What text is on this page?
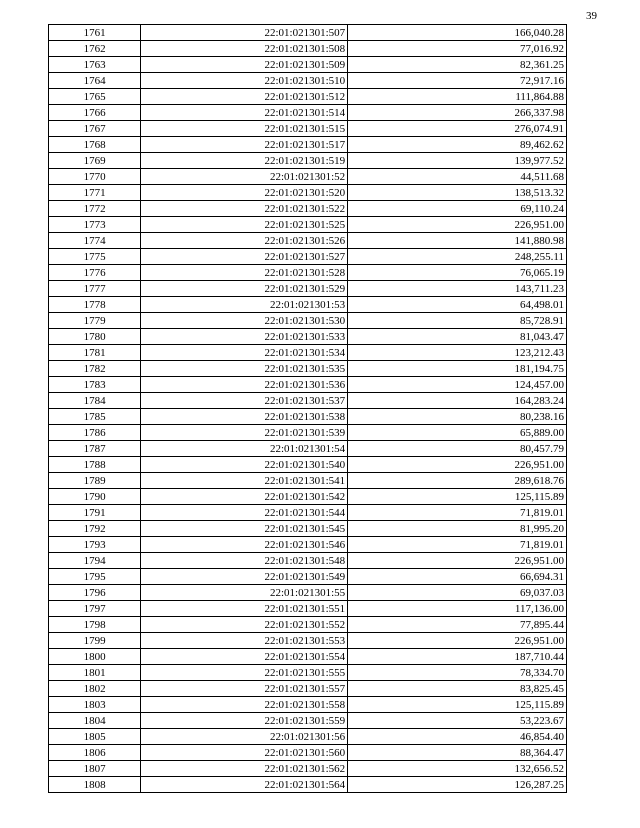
39
1761	22:01:021301:507	166,040.28
1762	22:01:021301:508	77,016.92
1763	22:01:021301:509	82,361.25
1764	22:01:021301:510	72,917.16
1765	22:01:021301:512	111,864.88
1766	22:01:021301:514	266,337.98
1767	22:01:021301:515	276,074.91
1768	22:01:021301:517	89,462.62
1769	22:01:021301:519	139,977.52
1770	22:01:021301:52	44,511.68
1771	22:01:021301:520	138,513.32
1772	22:01:021301:522	69,110.24
1773	22:01:021301:525	226,951.00
1774	22:01:021301:526	141,880.98
1775	22:01:021301:527	248,255.11
1776	22:01:021301:528	76,065.19
1777	22:01:021301:529	143,711.23
1778	22:01:021301:53	64,498.01
1779	22:01:021301:530	85,728.91
1780	22:01:021301:533	81,043.47
1781	22:01:021301:534	123,212.43
1782	22:01:021301:535	181,194.75
1783	22:01:021301:536	124,457.00
1784	22:01:021301:537	164,283.24
1785	22:01:021301:538	80,238.16
1786	22:01:021301:539	65,889.00
1787	22:01:021301:54	80,457.79
1788	22:01:021301:540	226,951.00
1789	22:01:021301:541	289,618.76
1790	22:01:021301:542	125,115.89
1791	22:01:021301:544	71,819.01
1792	22:01:021301:545	81,995.20
1793	22:01:021301:546	71,819.01
1794	22:01:021301:548	226,951.00
1795	22:01:021301:549	66,694.31
1796	22:01:021301:55	69,037.03
1797	22:01:021301:551	117,136.00
1798	22:01:021301:552	77,895.44
1799	22:01:021301:553	226,951.00
1800	22:01:021301:554	187,710.44
1801	22:01:021301:555	78,334.70
1802	22:01:021301:557	83,825.45
1803	22:01:021301:558	125,115.89
1804	22:01:021301:559	53,223.67
1805	22:01:021301:56	46,854.40
1806	22:01:021301:560	88,364.47
1807	22:01:021301:562	132,656.52
1808	22:01:021301:564	126,287.25
